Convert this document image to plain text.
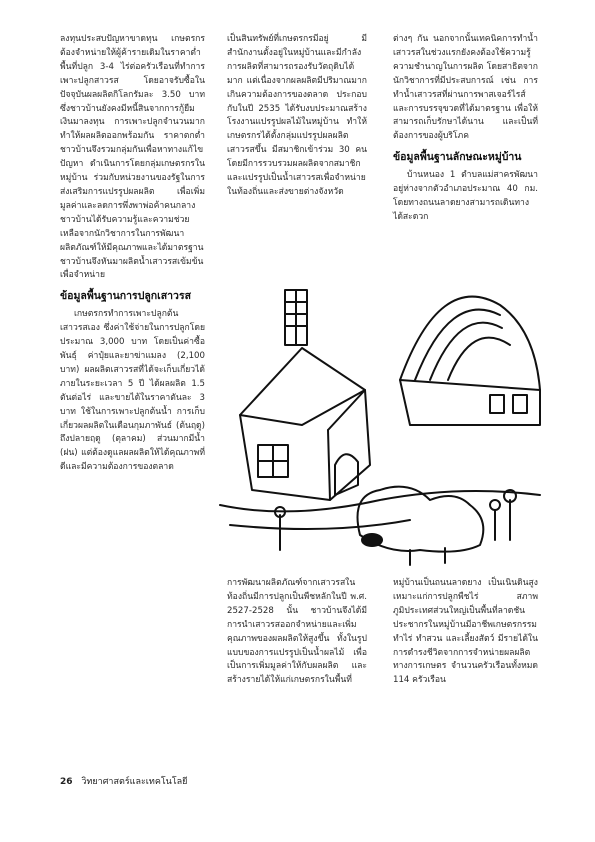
ลงทุนประสบปัญหาขาดทุน เกษตรกรต้องจำหน่ายให้ผู้ค้ารายเดิมในราคาต่ำ พื้นที่ปลูก 3-4 ไร่ต่อครัวเรือนที่ทำการเพาะปลูกสาวรส โดยอาจรับซื้อในปัจจุบันผลผลิตกิโลกรัมละ 3.50 บาท ซึ่งชาวบ้านยังคงมีหนี้สินจากการกู้ยืมเงินมาลงทุน การเพาะปลูกจำนวนมากทำให้ผลผลิตออกพร้อมกัน ราคาตกต่ำ ชาวบ้านจึงรวมกลุ่มกันเพื่อหาทางแก้ไขปัญหา ดำเนินการโดยกลุ่มเกษตรกรในหมู่บ้าน ร่วมกับหน่วยงานของรัฐในการส่งเสริมการแปรรูปผลผลิต เพื่อเพิ่มมูลค่าและลดการพึ่งพาพ่อค้าคนกลาง ชาวบ้านได้รับความรู้และความช่วยเหลือจากนักวิชาการในการพัฒนาผลิตภัณฑ์ให้มีคุณภาพและได้มาตรฐาน ชาวบ้านจึงหันมาผลิตน้ำเสาวรสเข้มข้นเพื่อจำหน่าย

ข้อมูลพื้นฐานการปลูกเสาวรส

เกษตรกรทำการเพาะปลูกต้นเสาวรสเอง ซึ่งค่าใช้จ่ายในการปลูกโดยประมาณ 3,000 บาท โดยเป็นค่าซื้อพันธุ์ ค่าปุ๋ยและยาฆ่าแมลง (2,100 บาท) ผลผลิตเสาวรสที่ได้จะเก็บเกี่ยวได้ภายในระยะเวลา 5 ปี ได้ผลผลิต 1.5 ตันต่อไร่ และขายได้ในราคาตันละ 3 บาท ใช้ในการเพาะปลูกต้นน้ำ การเก็บเกี่ยวผลผลิตในเดือนกุมภาพันธ์ (ต้นฤดู) ถึงปลายฤดู (ตุลาคม) ส่วนมากมีน้ำ (ฝน) แต่ต้องดูแลผลผลิตให้ได้คุณภาพที่ดีและมีความต้องการของตลาด

เป็นสินทรัพย์ที่เกษตรกรมีอยู่ มีสำนักงานตั้งอยู่ในหมู่บ้านและมีกำลังการผลิตที่สามารถรองรับวัตถุดิบได้มาก แต่เนื่องจากผลผลิตมีปริมาณมากเกินความต้องการของตลาด ประกอบกับในปี 2535 ได้รับงบประมาณสร้างโรงงานแปรรูปผลไม้ในหมู่บ้าน ทำให้เกษตรกรได้ตั้งกลุ่มแปรรูปผลผลิตเสาวรสขึ้น มีสมาชิกเข้าร่วม 30 คน โดยมีการรวบรวมผลผลิตจากสมาชิกและแปรรูปเป็นน้ำเสาวรสเพื่อจำหน่ายในท้องถิ่นและส่งขายต่างจังหวัด

ต่างๆ กัน นอกจากนั้นเทคนิคการทำน้ำเสาวรสในช่วงแรกยังคงต้องใช้ความรู้ความชำนาญในการผลิต โดยสาธิตจากนักวิชาการที่มีประสบการณ์ เช่น การทำน้ำเสาวรสที่ผ่านการพาสเจอร์ไรส์และการบรรจุขวดที่ได้มาตรฐาน เพื่อให้สามารถเก็บรักษาได้นาน และเป็นที่ต้องการของผู้บริโภค

ข้อมูลพื้นฐานลักษณะหมู่บ้าน

บ้านหนอง 1 ตำบลแม่สาครพัฒนา อยู่ห่างจากตัวอำเภอประมาณ 40 กม. โดยทางถนนลาดยางสามารถเดินทางได้สะดวก

การพัฒนาผลิตภัณฑ์จากเสาวรสในท้องถิ่นมีการปลูกเป็นพืชหลักในปี พ.ศ. 2527-2528 นั้น ชาวบ้านจึงได้มีการนำเสาวรสออกจำหน่ายและเพิ่มคุณภาพของผลผลิตให้สูงขึ้น ทั้งในรูปแบบของการแปรรูปเป็นน้ำผลไม้ เพื่อเป็นการเพิ่มมูลค่าให้กับผลผลิต และสร้างรายได้ให้แก่เกษตรกรในพื้นที่

หมู่บ้านเป็นถนนลาดยาง เป็นเนินดินสูงเหมาะแก่การปลูกพืชไร่ สภาพภูมิประเทศส่วนใหญ่เป็นพื้นที่ลาดชัน ประชากรในหมู่บ้านมีอาชีพเกษตรกรรม ทำไร่ ทำสวน และเลี้ยงสัตว์ มีรายได้ในการดำรงชีวิตจากการจำหน่ายผลผลิตทางการเกษตร จำนวนครัวเรือนทั้งหมด 114 ครัวเรือน

26 วิทยาศาสตร์และเทคโนโลยี
